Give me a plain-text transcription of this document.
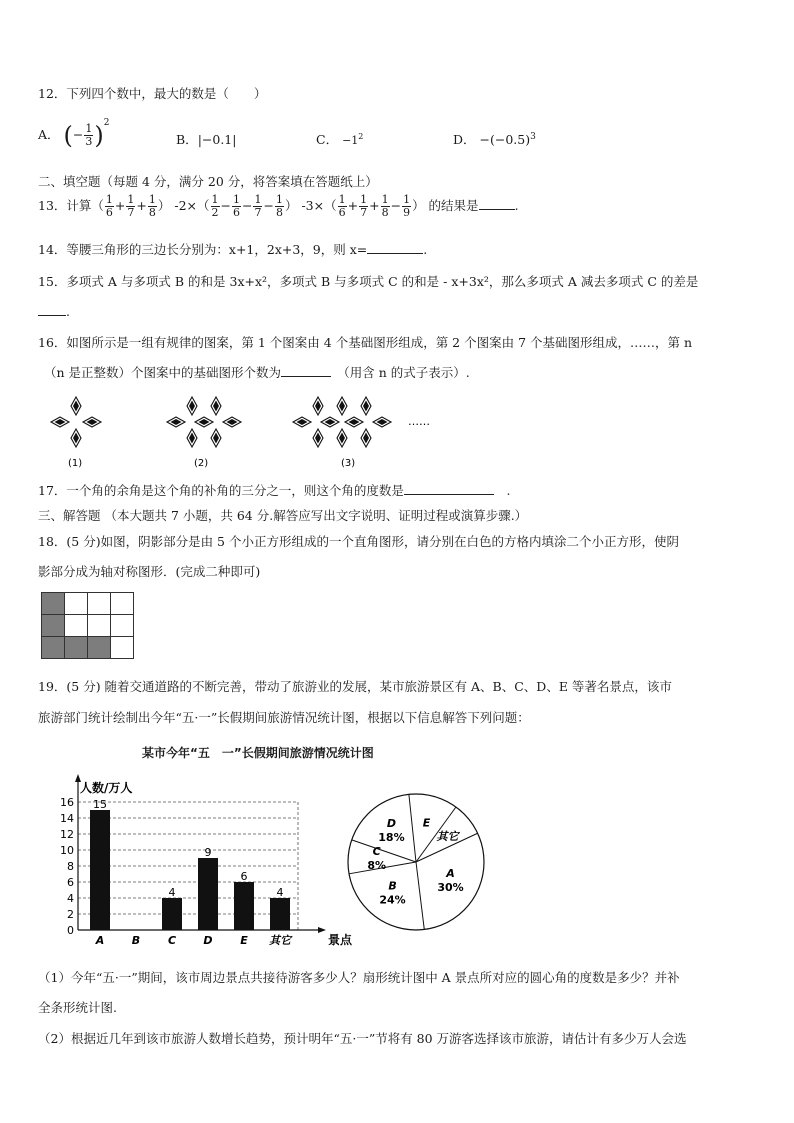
12．下列四个数中，最大的数是（　　）
A． (− $\frac{1}{3} )^2$
B．|−0.1|	C． $-1^2$	D． $-(-0.5)^3$
二、填空题（每题 4 分，满分 20 分，将答案填在答题纸上）
13．计算（ $\frac{1}{6} + \frac{1}{7} + \frac{1}{8}$ ） $-2\times( \frac{1}{2} - \frac{1}{6} - \frac{1}{7} - \frac{1}{8}$ ） $-3\times( \frac{1}{6} + \frac{1}{7} + \frac{1}{8} - \frac{1}{9}$ ） 的结果是	.
14．等腰三角形的三边长分别为：x+1，2x+3，9，则 x=	.
15．多项式 A 与多项式 B 的和是 3x+x²，多项式 B 与多项式 C 的和是 - x+3x²，那么多项式 A 减去多项式 C 的差是
.
16．如图所示是一组有规律的图案，第 1 个图案由 4 个基础图形组成，第 2 个图案由 7 个基础图形组成，……，第 n
（n 是正整数）个图案中的基础图形个数为　	（用含 n 的式子表示）.
(1)	(2)	(3)
……
17．一个角的余角是这个角的补角的三分之一，则这个角的度数是　	.
三、解答题 （本大题共 7 小题，共 64 分.解答应写出文字说明、证明过程或演算步骤.）
18．(5 分)如图，阴影部分是由 5 个小正方形组成的一个直角图形，请分别在白色的方格内填涂二个小正方形，使阴
影部分成为轴对称图形．(完成二种即可)

19．(5 分) 随着交通道路的不断完善，带动了旅游业的发展，某市旅游景区有 A、B、C、D、E 等著名景点，该市
旅游部门统计绘制出今年“五·一”长假期间旅游情况统计图，根据以下信息解答下列问题：
某市今年“五　一”长假期间旅游情况统计图
0
2
4
6
8
10
12
14
16
人数/万人
景点
15
A	B
4
C
9
D
6
E
4
其它
A
30%
B
24%
C
8%
D
18%
E
其它
（1）今年“五·一”期间，该市周边景点共接待游客多少人？扇形统计图中 A 景点所对应的圆心角的度数是多少？并补
全条形统计图.
（2）根据近几年到该市旅游人数增长趋势，预计明年“五·一”节将有 80 万游客选择该市旅游，请估计有多少万人会选
